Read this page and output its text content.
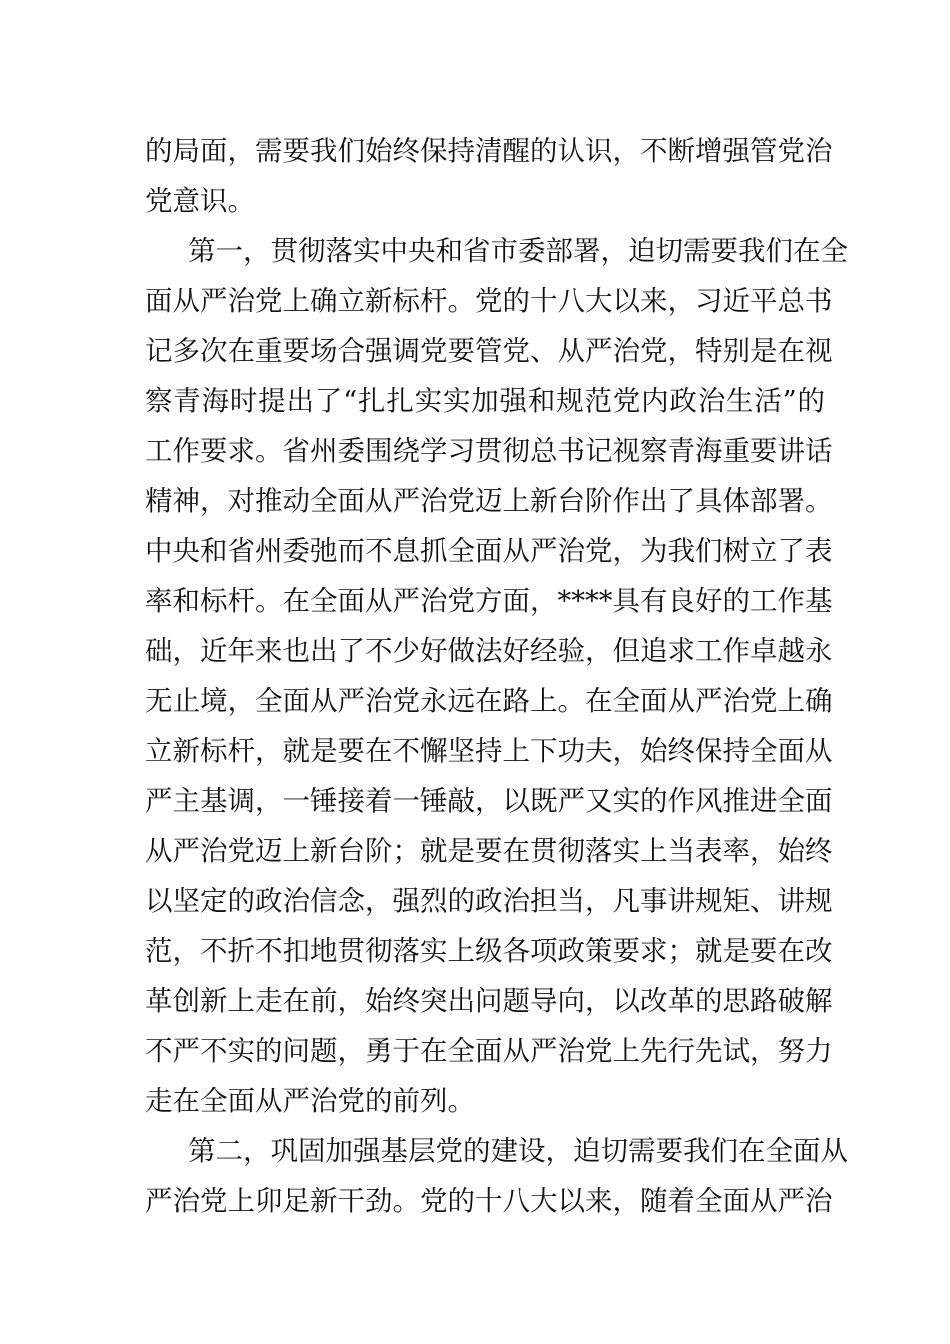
的局面，需要我们始终保持清醒的认识，不断增强管党治

党意识。

第一，贯彻落实中央和省市委部署，迫切需要我们在全

面从严治党上确立新标杆。党的十八大以来，习近平总书

记多次在重要场合强调党要管党、从严治党，特别是在视

察青海时提出了“扎扎实实加强和规范党内政治生活”的

工作要求。省州委围绕学习贯彻总书记视察青海重要讲话

精神，对推动全面从严治党迈上新台阶作出了具体部署。

中央和省州委弛而不息抓全面从严治党，为我们树立了表

率和标杆。在全面从严治党方面，****具有良好的工作基

础，近年来也出了不少好做法好经验，但追求工作卓越永

无止境，全面从严治党永远在路上。在全面从严治党上确

立新标杆，就是要在不懈坚持上下功夫，始终保持全面从

严主基调，一锤接着一锤敲，以既严又实的作风推进全面

从严治党迈上新台阶；就是要在贯彻落实上当表率，始终

以坚定的政治信念，强烈的政治担当，凡事讲规矩、讲规

范，不折不扣地贯彻落实上级各项政策要求；就是要在改

革创新上走在前，始终突出问题导向，以改革的思路破解

不严不实的问题，勇于在全面从严治党上先行先试，努力

走在全面从严治党的前列。

第二，巩固加强基层党的建设，迫切需要我们在全面从

严治党上卯足新干劲。党的十八大以来，随着全面从严治
